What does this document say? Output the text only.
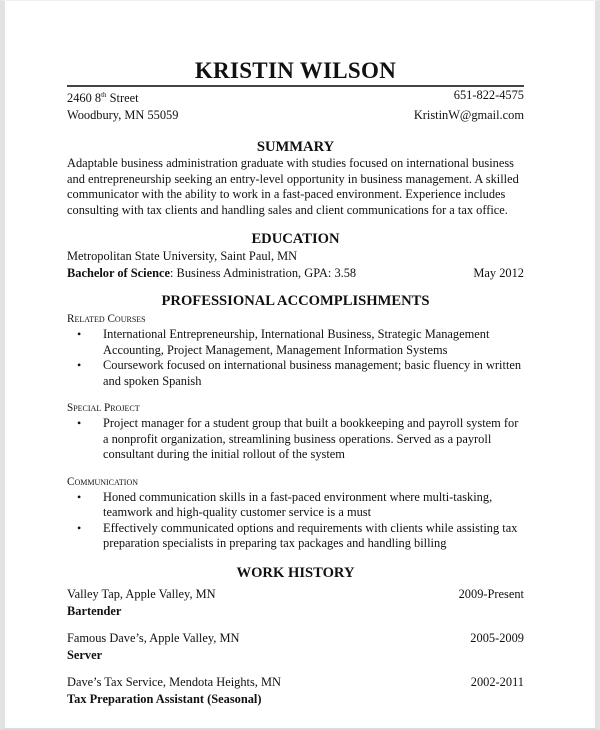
KRISTIN WILSON
2460 8th Street	651-822-4575
Woodbury, MN 55059	KristinW@gmail.com
SUMMARY

Adaptable business administration graduate with studies focused on international business and entrepreneurship seeking an entry-level opportunity in business management. A skilled communicator with the ability to work in a fast-paced environment. Experience includes consulting with tax clients and handling sales and client communications for a tax office.

EDUCATION
Metropolitan State University, Saint Paul, MN
Bachelor of Science: Business Administration, GPA: 3.58	May 2012
PROFESSIONAL ACCOMPLISHMENTS
Related Courses
• International Entrepreneurship, International Business, Strategic Management Accounting, Project Management, Management Information Systems
• Coursework focused on international business management; basic fluency in written and spoken Spanish
Special Project
• Project manager for a student group that built a bookkeeping and payroll system for a nonprofit organization, streamlining business operations. Served as a payroll consultant during the initial rollout of the system
Communication
• Honed communication skills in a fast-paced environment where multi-tasking, teamwork and high-quality customer service is a must
• Effectively communicated options and requirements with clients while assisting tax preparation specialists in preparing tax packages and handling billing
WORK HISTORY
Valley Tap, Apple Valley, MN	2009-Present
Bartender
Famous Dave’s, Apple Valley, MN	2005-2009
Server
Dave’s Tax Service, Mendota Heights, MN	2002-2011
Tax Preparation Assistant (Seasonal)
